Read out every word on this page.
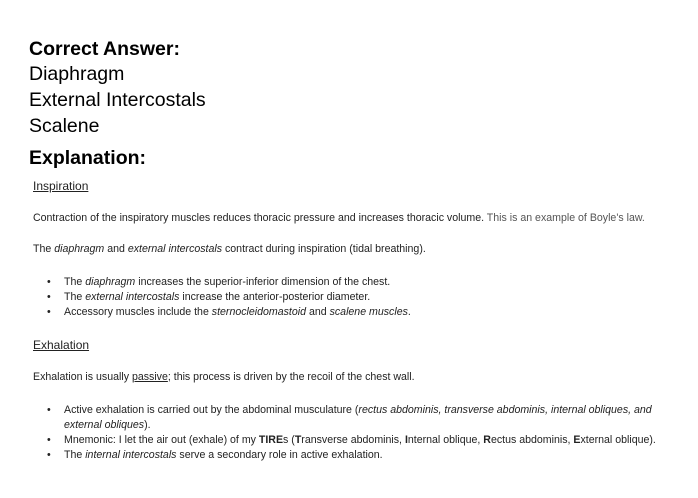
Correct Answer:
Diaphragm
External Intercostals
Scalene
Explanation:
Inspiration
Contraction of the inspiratory muscles reduces thoracic pressure and increases thoracic volume. This is an example of Boyle's law.
The diaphragm and external intercostals contract during inspiration (tidal breathing).
• The diaphragm increases the superior-inferior dimension of the chest.
• The external intercostals increase the anterior-posterior diameter.
• Accessory muscles include the sternocleidomastoid and scalene muscles.
Exhalation
Exhalation is usually passive; this process is driven by the recoil of the chest wall.
• Active exhalation is carried out by the abdominal musculature (rectus abdominis, transverse abdominis, internal obliques, and
external obliques).
• Mnemonic: I let the air out (exhale) of my TIREs (Transverse abdominis, Internal oblique, Rectus abdominis, External oblique).
• The internal intercostals serve a secondary role in active exhalation.
